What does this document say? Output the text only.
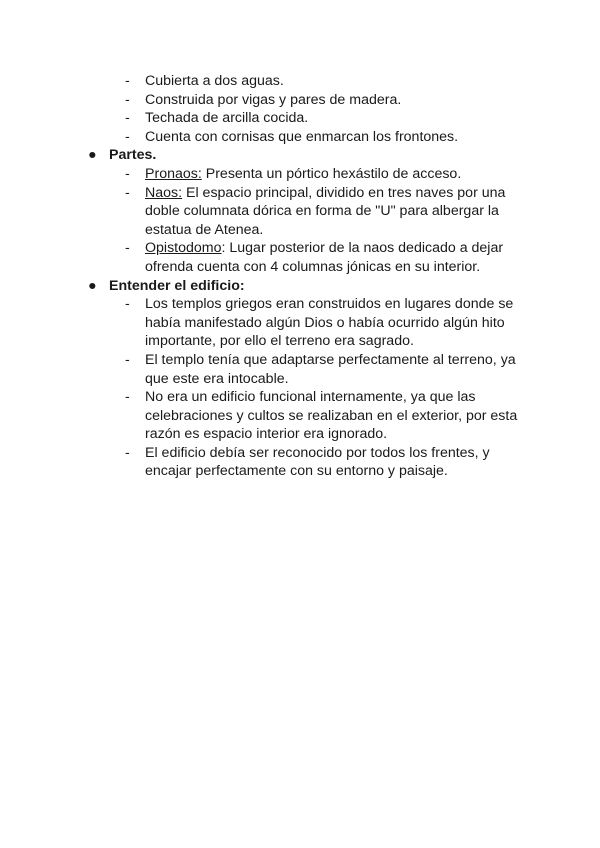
- Cubierta a dos aguas.
- Construida por vigas y pares de madera.
- Techada de arcilla cocida.
- Cuenta con cornisas que enmarcan los frontones.
● Partes.
- Pronaos: Presenta un pórtico hexástilo de acceso.
- Naos: El espacio principal, dividido en tres naves por una doble columnata dórica en forma de "U" para albergar la estatua de Atenea.
- Opistodomo: Lugar posterior de la naos dedicado a dejar ofrenda cuenta con 4 columnas jónicas en su interior.
● Entender el edificio:
- Los templos griegos eran construidos en lugares donde se había manifestado algún Dios o había ocurrido algún hito importante, por ello el terreno era sagrado.
- El templo tenía que adaptarse perfectamente al terreno, ya que este era intocable.
- No era un edificio funcional internamente, ya que las celebraciones y cultos se realizaban en el exterior, por esta razón es espacio interior era ignorado.
- El edificio debía ser reconocido por todos los frentes, y encajar perfectamente con su entorno y paisaje.
